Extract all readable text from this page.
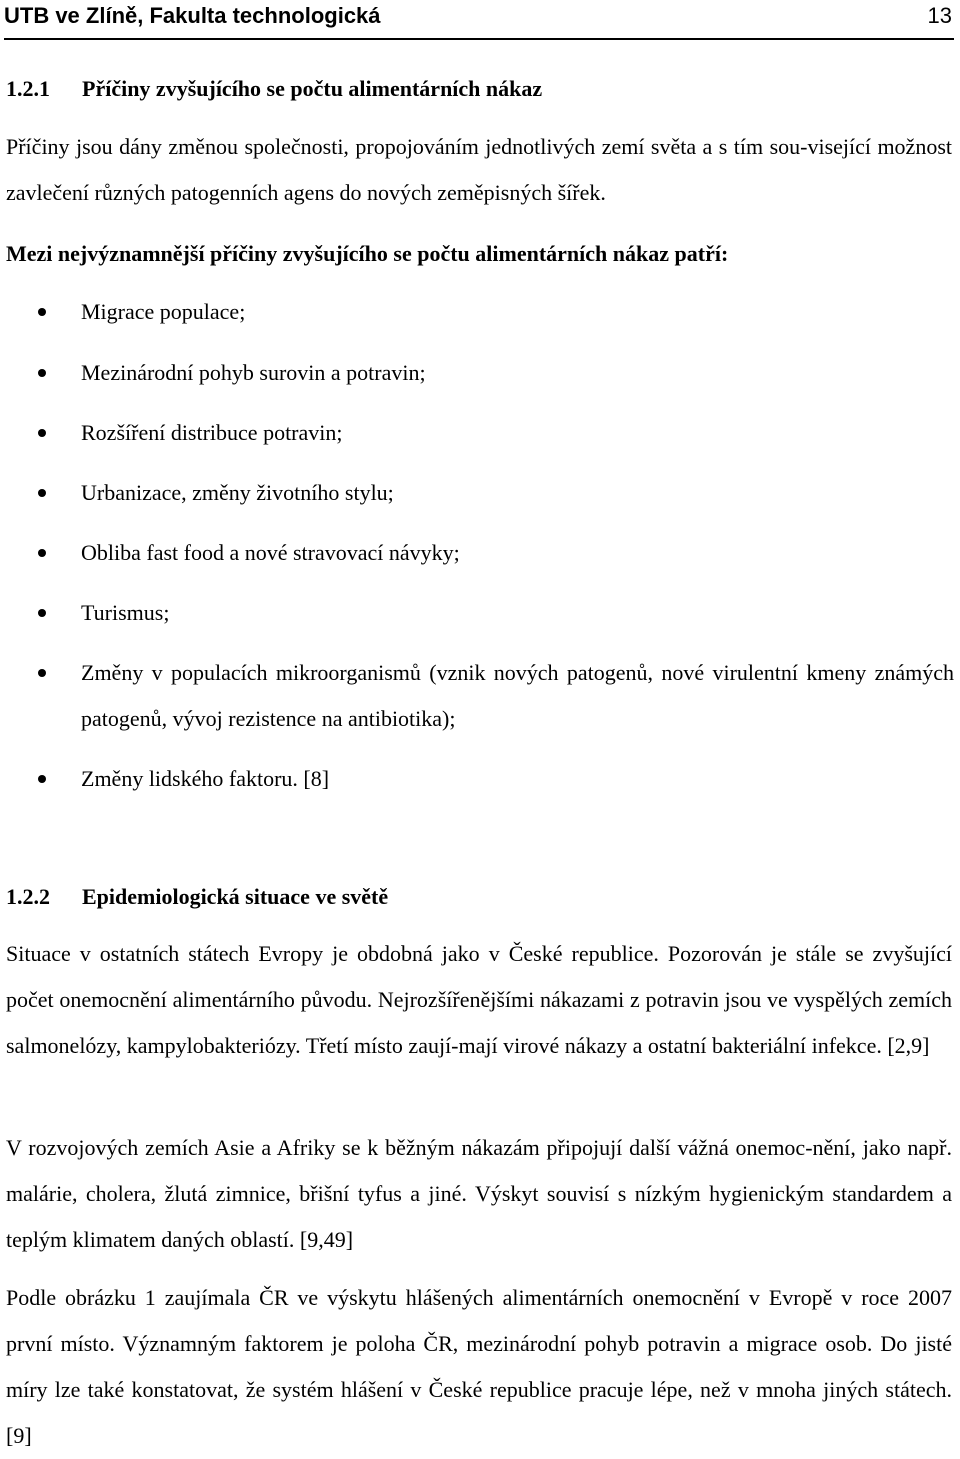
UTB ve Zlíně, Fakulta technologická	13
1.2.1 Příčiny zvyšujícího se počtu alimentárních nákaz
Příčiny jsou dány změnou společnosti, propojováním jednotlivých zemí světa a s tím sou-visející možnost zavlečení různých patogenních agens do nových zeměpisných šířek.
Mezi nejvýznamnější příčiny zvyšujícího se počtu alimentárních nákaz patří:
Migrace populace;
Mezinárodní pohyb surovin a potravin;
Rozšíření distribuce potravin;
Urbanizace, změny životního stylu;
Obliba fast food a nové stravovací návyky;
Turismus;
Změny v populacích mikroorganismů (vznik nových patogenů, nové virulentní kmeny známých patogenů, vývoj rezistence na antibiotika);
Změny lidského faktoru. [8]
1.2.2 Epidemiologická situace ve světě
Situace v ostatních státech Evropy je obdobná jako v České republice. Pozorován je stále se zvyšující počet onemocnění alimentárního původu. Nejrozšířenějšími nákazami z potravin jsou ve vyspělých zemích salmonelózy, kampylobakteriózy. Třetí místo zaují-mají virové nákazy a ostatní bakteriální infekce. [2,9]
V rozvojových zemích Asie a Afriky se k běžným nákazám připojují další vážná onemoc-nění, jako např. malárie, cholera, žlutá zimnice, břišní tyfus a jiné. Výskyt souvisí s nízkým hygienickým standardem a teplým klimatem daných oblastí. [9,49]
Podle obrázku 1 zaujímala ČR ve výskytu hlášených alimentárních onemocnění v Evropě v roce 2007 první místo. Významným faktorem je poloha ČR, mezinárodní pohyb potravin a migrace osob. Do jisté míry lze také konstatovat, že systém hlášení v České republice pracuje lépe, než v mnoha jiných státech. [9]
